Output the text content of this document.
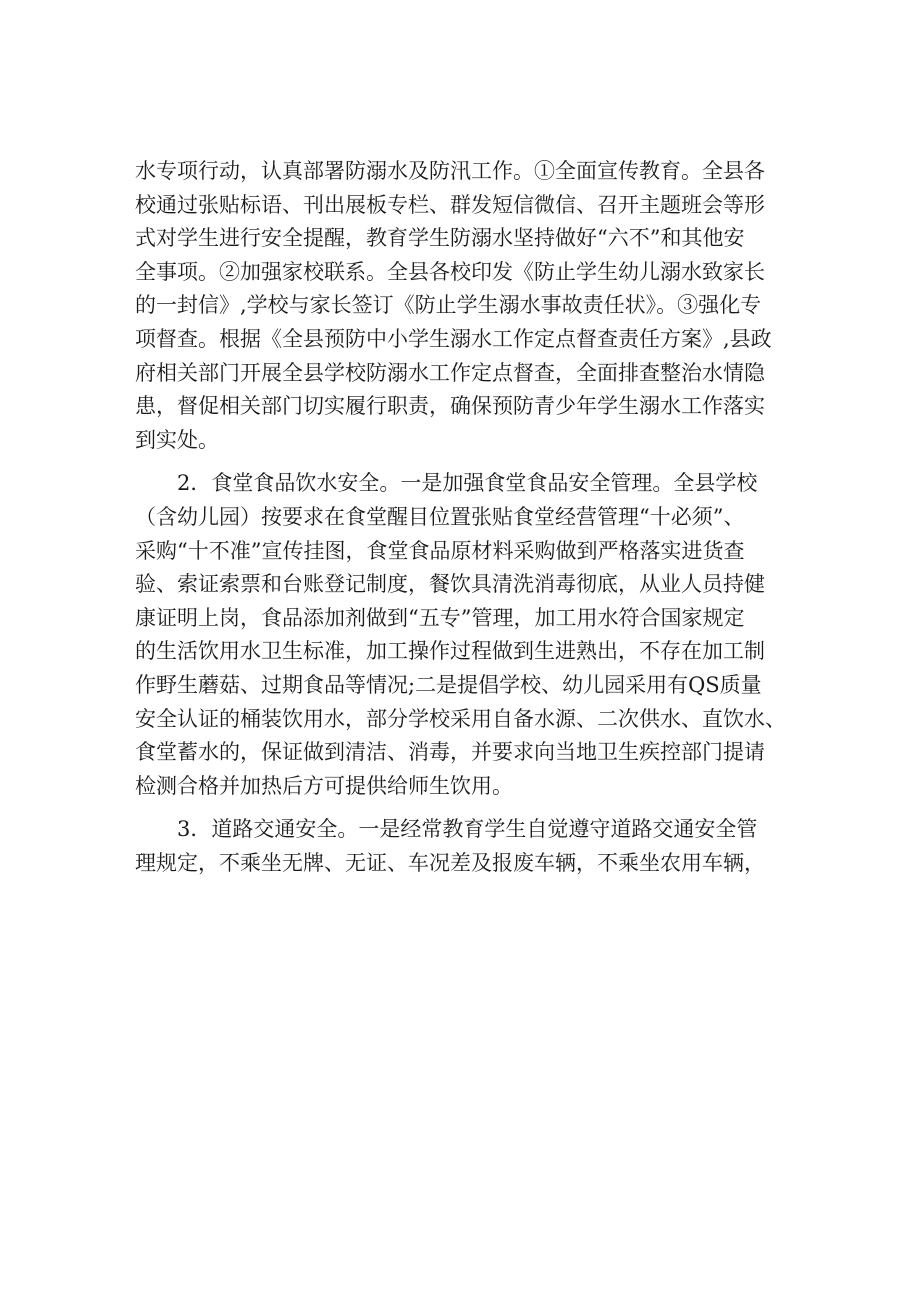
水专项行动，认真部署防溺水及防汛工作。①全面宣传教育。全县各
校通过张贴标语、刊出展板专栏、群发短信微信、召开主题班会等形
式对学生进行安全提醒，教育学生防溺水坚持做好“六不”和其他安
全事项。②加强家校联系。全县各校印发《防止学生幼儿溺水致家长
的一封信》,学校与家长签订《防止学生溺水事故责任状》。③强化专
项督查。根据《全县预防中小学生溺水工作定点督查责任方案》,县政
府相关部门开展全县学校防溺水工作定点督查，全面排查整治水情隐
患，督促相关部门切实履行职责，确保预防青少年学生溺水工作落实
到实处。
　　2．食堂食品饮水安全。一是加强食堂食品安全管理。全县学校
（含幼儿园）按要求在食堂醒目位置张贴食堂经营管理“十必须”、
采购“十不准”宣传挂图，食堂食品原材料采购做到严格落实进货查
验、索证索票和台账登记制度，餐饮具清洗消毒彻底，从业人员持健
康证明上岗，食品添加剂做到“五专”管理，加工用水符合国家规定
的生活饮用水卫生标准，加工操作过程做到生进熟出，不存在加工制
作野生蘑菇、过期食品等情况;二是提倡学校、幼儿园采用有QS质量
安全认证的桶装饮用水，部分学校采用自备水源、二次供水、直饮水、
食堂蓄水的，保证做到清洁、消毒，并要求向当地卫生疾控部门提请
检测合格并加热后方可提供给师生饮用。
　　3．道路交通安全。一是经常教育学生自觉遵守道路交通安全管
理规定，不乘坐无牌、无证、车况差及报废车辆，不乘坐农用车辆，
